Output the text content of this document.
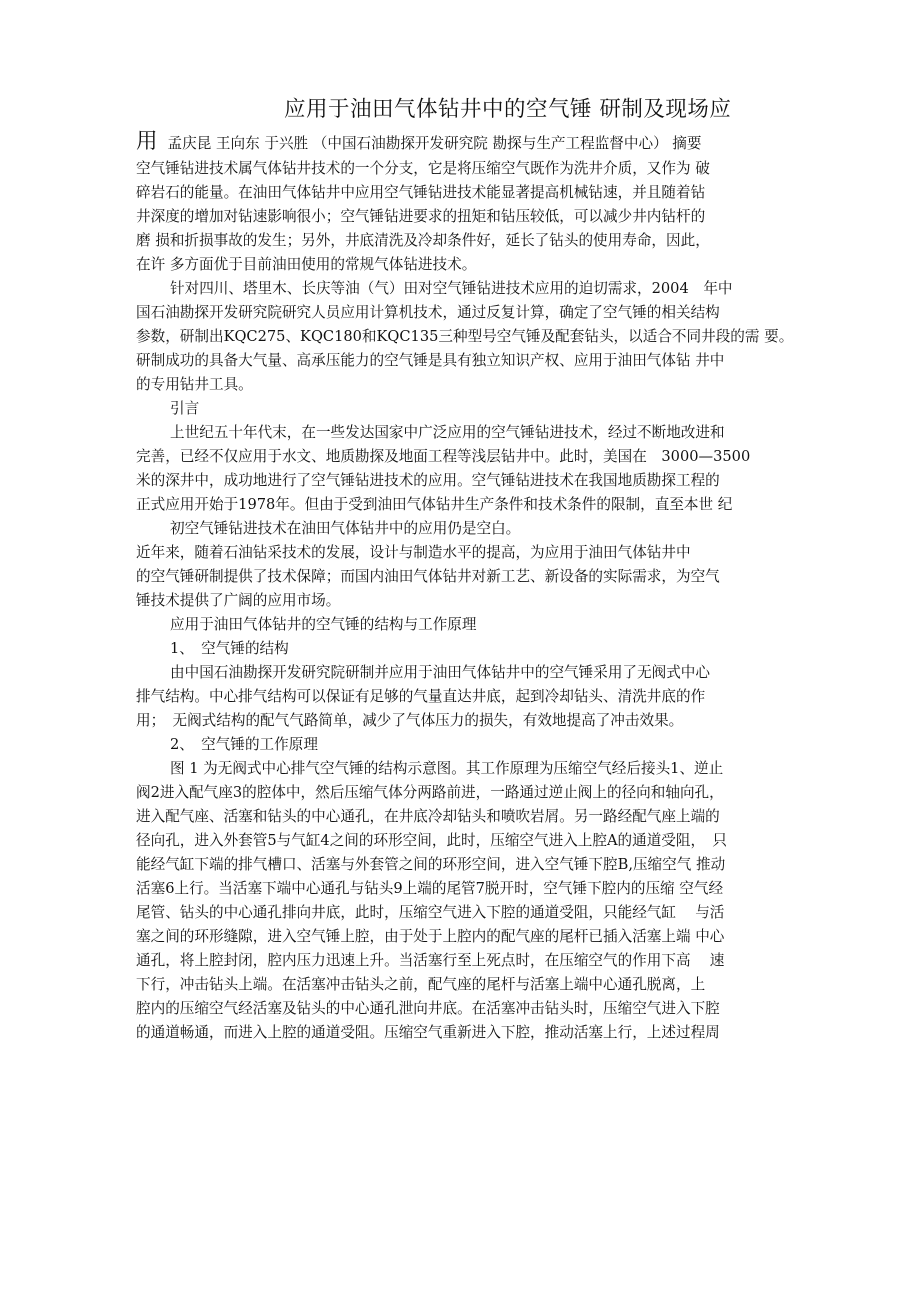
应用于油田气体钻井中的空气锤 研制及现场应
用 孟庆昆 王向东 于兴胜 （中国石油勘探开发研究院 勘探与生产工程监督中心） 摘要
空气锤钻进技术属气体钻井技术的一个分支，它是将压缩空气既作为洗井介质，又作为 破
碎岩石的能量。在油田气体钻井中应用空气锤钻进技术能显著提高机械钻速，并且随着钻
井深度的增加对钻速影响很小；空气锤钻进要求的扭矩和钻压较低，可以减少井内钻杆的
磨 损和折损事故的发生；另外，井底清洗及冷却条件好，延长了钻头的使用寿命，因此，
在许 多方面优于目前油田使用的常规气体钻进技术。
针对四川、塔里木、长庆等油（气）田对空气锤钻进技术应用的迫切需求，2004　年中
国石油勘探开发研究院研究人员应用计算机技术，通过反复计算，确定了空气锤的相关结构
参数，研制出KQC275、KQC180和KQC135三种型号空气锤及配套钻头，以适合不同井段的需 要。
研制成功的具备大气量、高承压能力的空气锤是具有独立知识产权、应用于油田气体钻 井中
的专用钻井工具。
引言
上世纪五十年代末，在一些发达国家中广泛应用的空气锤钻进技术，经过不断地改进和
完善，已经不仅应用于水文、地质勘探及地面工程等浅层钻井中。此时，美国在　3000—3500
米的深井中，成功地进行了空气锤钻进技术的应用。空气锤钻进技术在我国地质勘探工程的
正式应用开始于1978年。但由于受到油田气体钻井生产条件和技术条件的限制，直至本世 纪
初空气锤钻进技术在油田气体钻井中的应用仍是空白。
近年来，随着石油钻采技术的发展，设计与制造水平的提高，为应用于油田气体钻井中
的空气锤研制提供了技术保障；而国内油田气体钻井对新工艺、新设备的实际需求，为空气
锤技术提供了广阔的应用市场。
应用于油田气体钻井的空气锤的结构与工作原理
1、　空气锤的结构
由中国石油勘探开发研究院研制并应用于油田气体钻井中的空气锤采用了无阀式中心
排气结构。中心排气结构可以保证有足够的气量直达井底，起到冷却钻头、清洗井底的作
用；　无阀式结构的配气气路简单，减少了气体压力的损失，有效地提高了冲击效果。
2、　空气锤的工作原理
图 1 为无阀式中心排气空气锤的结构示意图。其工作原理为压缩空气经后接头1、逆止
阀2进入配气座3的腔体中，然后压缩气体分两路前进，一路通过逆止阀上的径向和轴向孔，
进入配气座、活塞和钻头的中心通孔，在井底冷却钻头和喷吹岩屑。另一路经配气座上端的
径向孔，进入外套管5与气缸4之间的环形空间，此时，压缩空气进入上腔A的通道受阻，　只
能经气缸下端的排气槽口、活塞与外套管之间的环形空间，进入空气锤下腔B,压缩空气 推动
活塞6上行。当活塞下端中心通孔与钻头9上端的尾管7脱开时，空气锤下腔内的压缩 空气经
尾管、钻头的中心通孔排向井底，此时，压缩空气进入下腔的通道受阻，只能经气缸　 与活
塞之间的环形缝隙，进入空气锤上腔，由于处于上腔内的配气座的尾杆已插入活塞上端 中心
通孔，将上腔封闭，腔内压力迅速上升。当活塞行至上死点时，在压缩空气的作用下高　 速
下行，冲击钻头上端。在活塞冲击钻头之前，配气座的尾杆与活塞上端中心通孔脱离，上
腔内的压缩空气经活塞及钻头的中心通孔泄向井底。在活塞冲击钻头时，压缩空气进入下腔
的通道畅通，而进入上腔的通道受阻。压缩空气重新进入下腔，推动活塞上行，上述过程周
